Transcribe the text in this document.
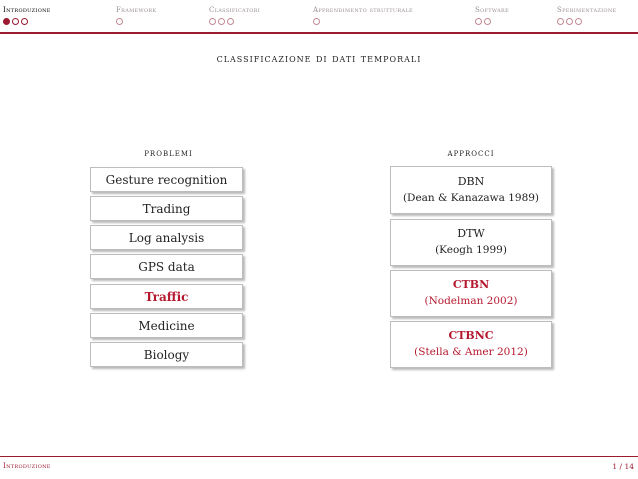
Introduzione	Framework	Classificatori	Apprendimento strutturale	Software	Sperimentazione
classificazione di dati temporali
problemi	approcci
Gesture recognition
Trading
Log analysis
GPS data
Traffic
Medicine
Biology
DBN
(Dean & Kanazawa 1989)
DTW
(Keogh 1999)
CTBN
(Nodelman 2002)
CTBNC
(Stella & Amer 2012)
Introduzione	1 / 14
